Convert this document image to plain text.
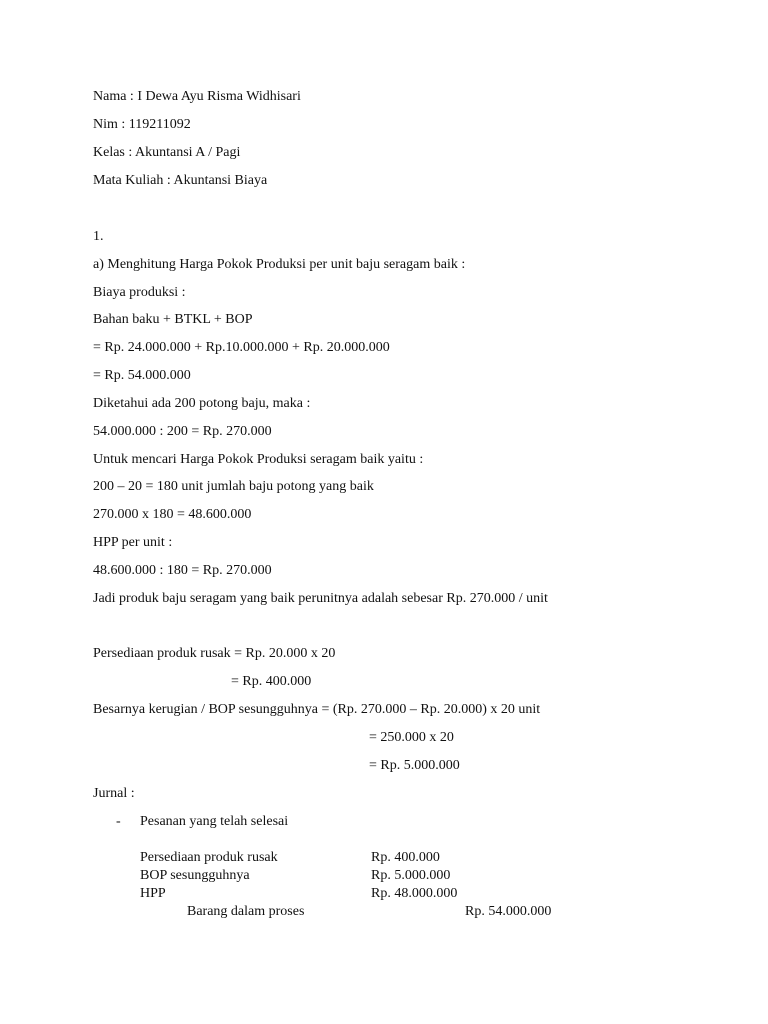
Nama : I Dewa Ayu Risma Widhisari
Nim : 119211092
Kelas : Akuntansi A / Pagi
Mata Kuliah : Akuntansi Biaya
1.
a) Menghitung Harga Pokok Produksi per unit baju seragam baik :
Biaya produksi :
Bahan baku + BTKL + BOP
= Rp. 24.000.000 + Rp.10.000.000 + Rp. 20.000.000
= Rp. 54.000.000
Diketahui ada 200 potong baju, maka :
54.000.000 : 200 = Rp. 270.000
Untuk mencari Harga Pokok Produksi seragam baik yaitu :
200 – 20 = 180 unit jumlah baju potong yang baik
270.000 x 180 = 48.600.000
HPP per unit :
48.600.000 : 180 = Rp. 270.000
Jadi produk baju seragam yang baik perunitnya adalah sebesar Rp. 270.000 / unit
Persediaan produk rusak = Rp. 20.000 x 20
= Rp. 400.000
Besarnya kerugian / BOP sesungguhnya = (Rp. 270.000 – Rp. 20.000) x 20 unit
= 250.000 x 20
= Rp. 5.000.000
Jurnal :
- Pesanan yang telah selesai
Persediaan produk rusak	Rp. 400.000
BOP sesungguhnya	Rp. 5.000.000
HPP	Rp. 48.000.000
Barang dalam proses	Rp. 54.000.000
